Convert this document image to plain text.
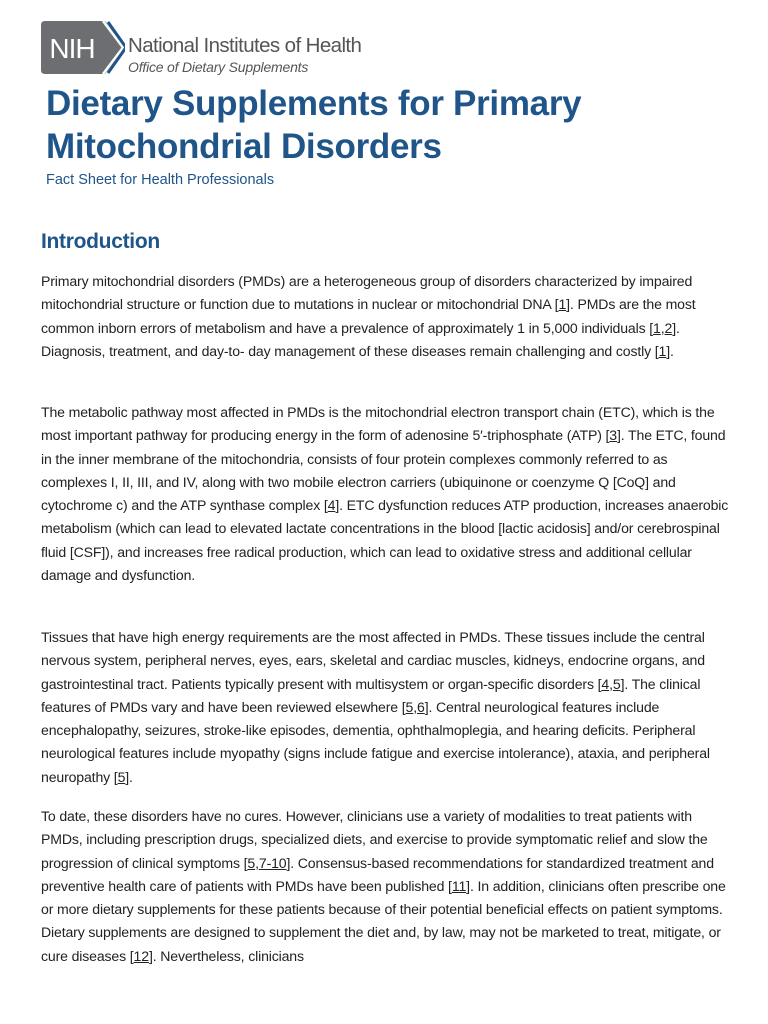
NIH National Institutes of Health
Office of Dietary Supplements
Dietary Supplements for Primary
Mitochondrial Disorders
Fact Sheet for Health Professionals
Introduction

Primary mitochondrial disorders (PMDs) are a heterogeneous group of disorders characterized by impaired mitochondrial structure or function due to mutations in nuclear or mitochondrial DNA [1]. PMDs are the most common inborn errors of metabolism and have a prevalence of approximately 1 in 5,000 individuals [1,2]. Diagnosis, treatment, and day-to- day management of these diseases remain challenging and costly [1].

The metabolic pathway most affected in PMDs is the mitochondrial electron transport chain (ETC), which is the most important pathway for producing energy in the form of adenosine 5′-triphosphate (ATP) [3]. The ETC, found in the inner membrane of the mitochondria, consists of four protein complexes commonly referred to as complexes I, II, III, and IV, along with two mobile electron carriers (ubiquinone or coenzyme Q [CoQ] and cytochrome c) and the ATP synthase complex [4]. ETC dysfunction reduces ATP production, increases anaerobic metabolism (which can lead to elevated lactate concentrations in the blood [lactic acidosis] and/or cerebrospinal fluid [CSF]), and increases free radical production, which can lead to oxidative stress and additional cellular damage and dysfunction.

Tissues that have high energy requirements are the most affected in PMDs. These tissues include the central nervous system, peripheral nerves, eyes, ears, skeletal and cardiac muscles, kidneys, endocrine organs, and gastrointestinal tract. Patients typically present with multisystem or organ-specific disorders [4,5]. The clinical features of PMDs vary and have been reviewed elsewhere [5,6]. Central neurological features include encephalopathy, seizures, stroke-like episodes, dementia, ophthalmoplegia, and hearing deficits. Peripheral neurological features include myopathy (signs include fatigue and exercise intolerance), ataxia, and peripheral neuropathy [5].

To date, these disorders have no cures. However, clinicians use a variety of modalities to treat patients with PMDs, including prescription drugs, specialized diets, and exercise to provide symptomatic relief and slow the progression of clinical symptoms [5,7-10]. Consensus-based recommendations for standardized treatment and preventive health care of patients with PMDs have been published [11]. In addition, clinicians often prescribe one or more dietary supplements for these patients because of their potential beneficial effects on patient symptoms. Dietary supplements are designed to supplement the diet and, by law, may not be marketed to treat, mitigate, or cure diseases [12]. Nevertheless, clinicians
